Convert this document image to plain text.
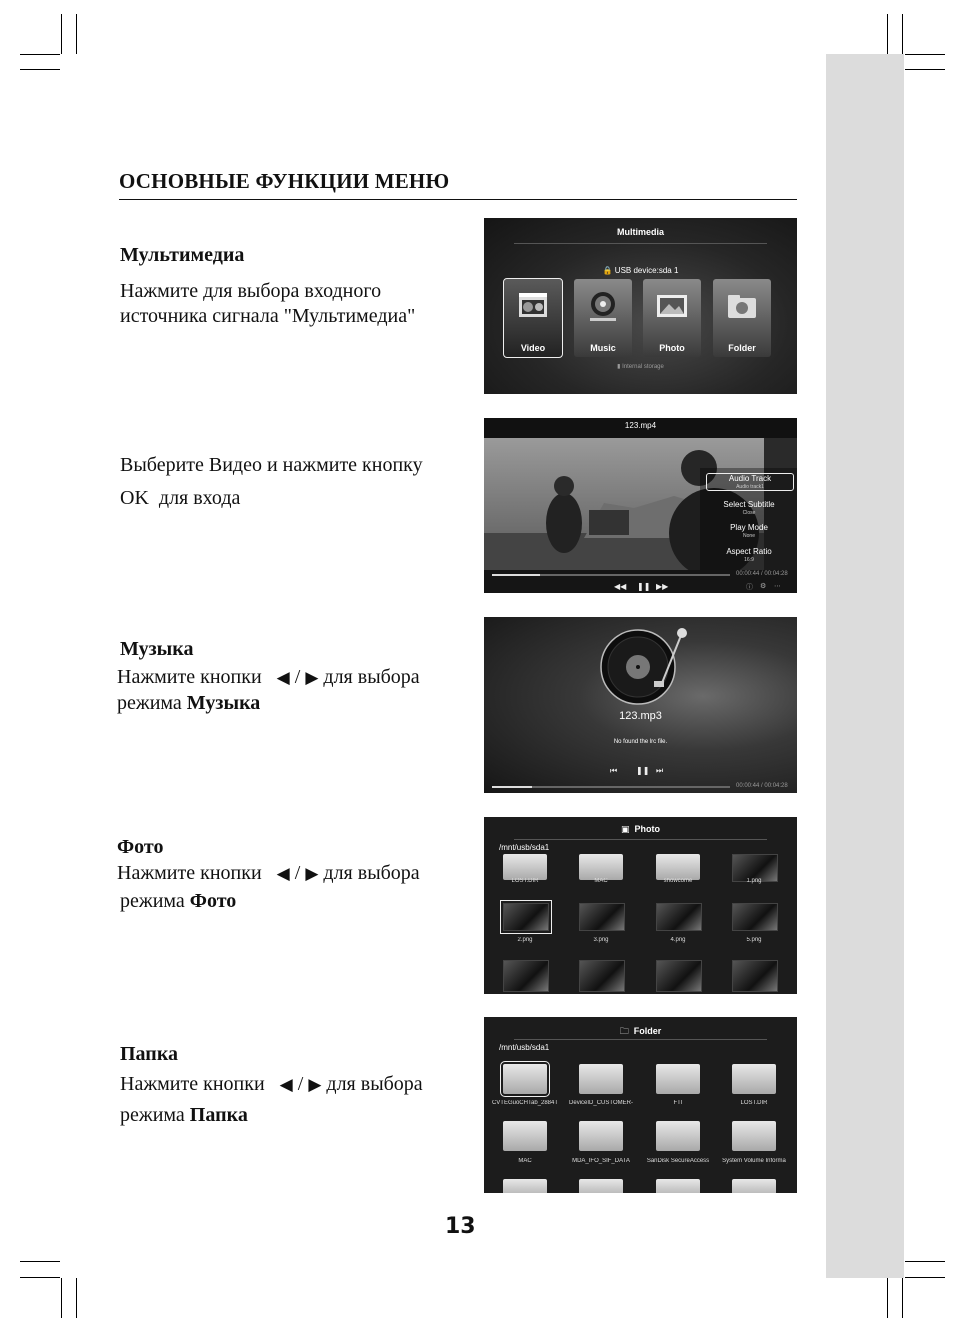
ОСНОВНЫЕ ФУНКЦИИ МЕНЮ
Мультимедиа
Нажмите для выбора входного
источника сигнала "Мультимедиа"
Выберите Видео и нажмите кнопку
OK  для входа
Музыка
Нажмите кнопки ◀ / ▶ для выбора
режима Музыка
Фото
Нажмите кнопки ◀ / ▶ для выбора
режима Фото
Папка
Нажмите кнопки ◀ / ▶ для выбора
режима Папка
13
Multimedia
🔒 USB device:sda 1
Video	Music	Photo	Folder
▮ Internal storage
123.mp4
Audio Track
Audio track1
Select Subtitle
Close
Play Mode
None
Aspect Ratio
16:9
00:00:44 / 00:04:28
◀◀ ❚❚ ▶▶	ⓘ ⚙ ⋯
123.mp3
No found the lrc file.
⏮ ❚❚ ⏭
00:00:44 / 00:04:28
▣ Photo
/mnt/usb/sda1
LOST.DIR	MAC	showcome	1.png
2.png	3.png	4.png	5.png
🗀 Folder
/mnt/usb/sda1
CVTEGuoCHTab_2884T	DeviceID_CUSTOMER-	FTI	LOST.DIR
MAC	MDA_IFO_SIF_DATA	SanDisk SecureAccess	System Volume Informa
